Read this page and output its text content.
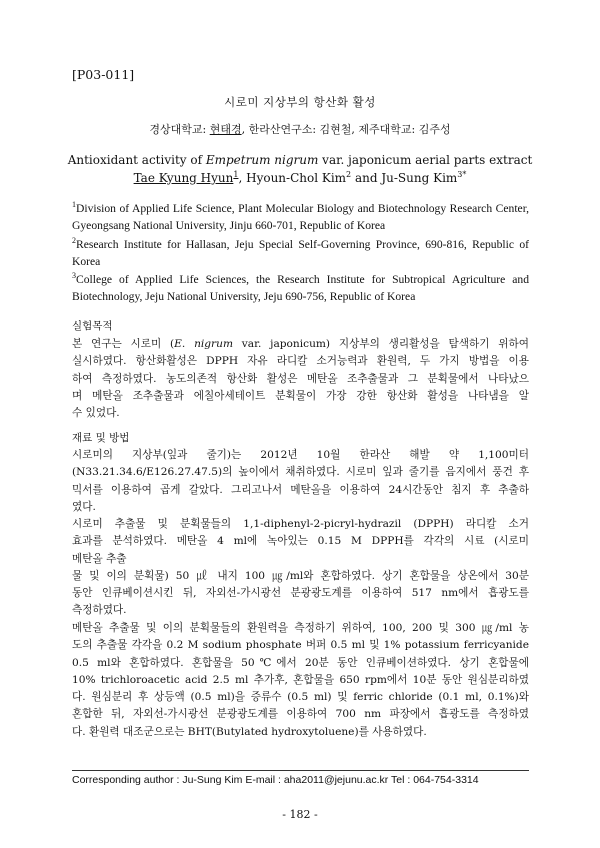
[P03-011]
시로미 지상부의 항산화 활성
경상대학교: 현태경, 한라산연구소: 김현철, 제주대학교: 김주성
Antioxidant activity of Empetrum nigrum var. japonicum aerial parts extract
Tae Kyung Hyun$^1$, Hyoun-Chol Kim$^2$ and Ju-Sung Kim$^{3*}$
$^1$Division of Applied Life Science, Plant Molecular Biology and Biotechnology Research Center, Gyeongsang National University, Jinju 660-701, Republic of Korea
$^2$Research Institute for Hallasan, Jeju Special Self-Governing Province, 690-816, Republic of Korea
$^3$College of Applied Life Sciences, the Research Institute for Subtropical Agriculture and Biotechnology, Jeju National University, Jeju 690-756, Republic of Korea
실험목적
본 연구는 시로미 (E. nigrum var. japonicum) 지상부의 생리활성을 탐색하기 위하여
실시하였다. 항산화활성은 DPPH 자유 라디칼 소거능력과 환원력, 두 가지 방법을 이용
하여 측정하였다. 농도의존적 항산화 활성은 메탄올 조추출물과 그 분획물에서 나타났으
며 메탄올 조추출물과 에칠아세테이트 분획물이 가장 강한 항산화 활성을 나타냄을 알
수 있었다.
재료 및 방법
시로미의 지상부(잎과 줄기)는 2012년 10월 한라산 해발 약 1,100미터
(N33.21.34.6/E126.27.47.5)의 높이에서 채취하였다. 시로미 잎과 줄기를 음지에서 풍건 후
믹서를 이용하여 곱게 갈았다. 그리고나서 메탄올을 이용하여 24시간동안 침지 후 추출하
였다.
시로미 추출물 및 분획물들의 1,1-diphenyl-2-picryl-hydrazil (DPPH) 라디칼 소거
효과를 분석하였다. 메탄올 4 ml에 녹아있는 0.15 M DPPH를 각각의 시료 (시로미
메탄올 추출
물 및 이의 분획물) 50 ㎕ 내지 100 ㎍/ml와 혼합하였다. 상기 혼합물을 상온에서 30분
동안 인큐베이션시킨 뒤, 자외선-가시광선 분광광도계를 이용하여 517 nm에서 흡광도를
측정하였다.
메탄올 추출물 및 이의 분획물들의 환원력을 측정하기 위하여, 100, 200 및 300 ㎍/ml 농
도의 추출물 각각을 0.2 M sodium phosphate 버퍼 0.5 ml 및 1% potassium ferricyanide
0.5 ml와 혼합하였다. 혼합물을 50℃에서 20분 동안 인큐베이션하였다. 상기 혼합물에
10% trichloroacetic acid 2.5 ml 추가후, 혼합물을 650 rpm에서 10분 동안 원심분리하였
다. 원심분리 후 상등액 (0.5 ml)을 증류수 (0.5 ml) 및 ferric chloride (0.1 ml, 0.1%)와
혼합한 뒤, 자외선-가시광선 분광광도계를 이용하여 700 nm 파장에서 흡광도를 측정하였
다. 환원력 대조군으로는 BHT(Butylated hydroxytoluene)를 사용하였다.
Corresponding author : Ju-Sung Kim E-mail : aha2011@jejunu.ac.kr Tel : 064-754-3314
- 182 -
